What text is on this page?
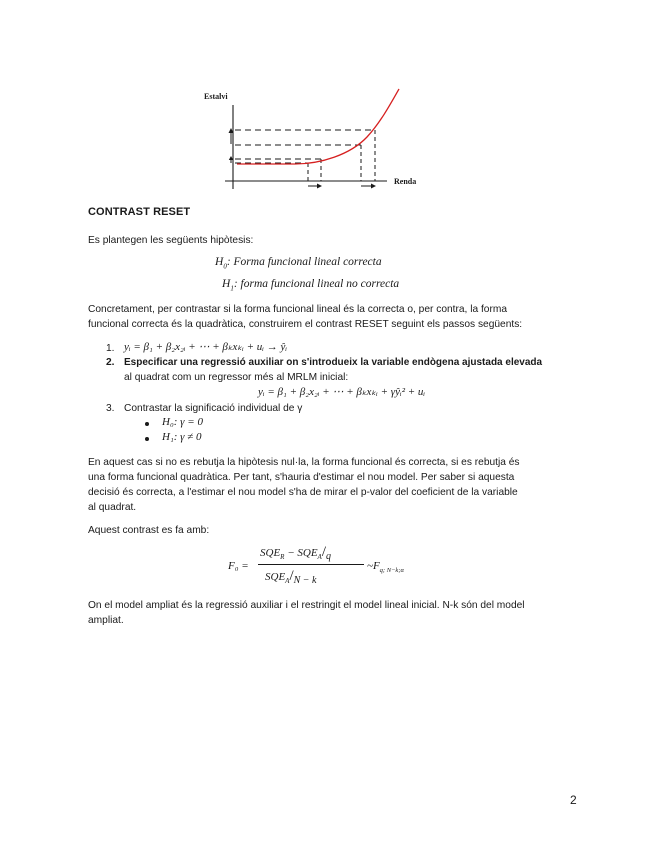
Estalvi
Renda
CONTRAST RESET
Es plantegen les següents hipòtesis:
$H_0$: Forma funcional lineal correcta
$H_1$: forma funcional lineal no correcta
Concretament, per contrastar si la forma funcional lineal és la correcta o, per contra, la forma
funcional correcta és la quadràtica, construirem el contrast RESET seguint els passos següents:
1. yᵢ = β₁ + β₂x₂ᵢ + ⋯ + βₖxₖᵢ + uᵢ → ŷᵢ
2. Especificar una regressió auxiliar on s'introdueix la variable endògena ajustada elevada
al quadrat com un regressor més al MRLM inicial:
yᵢ = β₁ + β₂x₂ᵢ + ⋯ + βₖxₖᵢ + γŷᵢ² + uᵢ
3. Contrastar la significació individual de γ
H₀: γ = 0
H₁: γ ≠ 0
En aquest cas si no es rebutja la hipòtesis nul·la, la forma funcional és correcta, si es rebutja és
una forma funcional quadràtica. Per tant, s'hauria d'estimar el nou model. Per saber si aquesta
decisió és correcta, a l'estimar el nou model s'ha de mirar el p-valor del coeficient de la variable
al quadrat.
Aquest contrast es fa amb:
F₀ =
$SQE_R - SQE_A/_q$
$SQE_A/_{N - k}$
$\sim F_{q; N-k;\alpha}$
On el model ampliat és la regressió auxiliar i el restringit el model lineal inicial. N-k són del model
ampliat.
2
